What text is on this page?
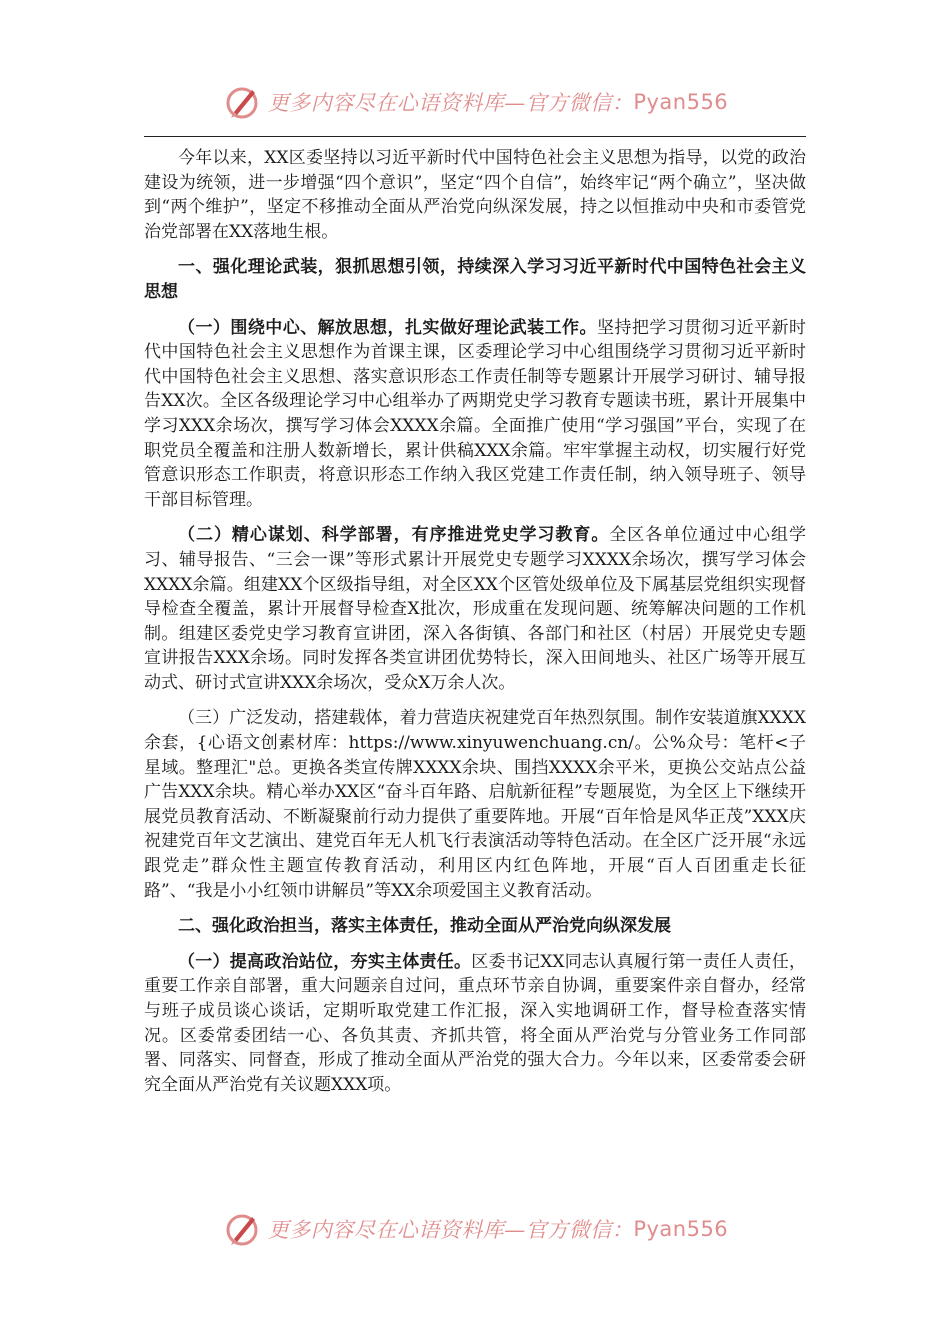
更多内容尽在心语资料库—官方微信： Pyan556

今年以来，XX区委坚持以习近平新时代中国特色社会主义思想为指导，以党的政治建设为统领，进一步增强“四个意识”，坚定“四个自信”，始终牢记“两个确立”，坚决做到“两个维护”，坚定不移推动全面从严治党向纵深发展，持之以恒推动中央和市委管党治党部署在XX落地生根。

一、强化理论武装，狠抓思想引领，持续深入学习习近平新时代中国特色社会主义思想

（一）围绕中心、解放思想，扎实做好理论武装工作。坚持把学习贯彻习近平新时代中国特色社会主义思想作为首课主课，区委理论学习中心组围绕学习贯彻习近平新时代中国特色社会主义思想、落实意识形态工作责任制等专题累计开展学习研讨、辅导报告XX次。全区各级理论学习中心组举办了两期党史学习教育专题读书班，累计开展集中学习XXX余场次，撰写学习体会XXXX余篇。全面推广使用“学习强国”平台，实现了在职党员全覆盖和注册人数新增长，累计供稿XXX余篇。牢牢掌握主动权，切实履行好党管意识形态工作职责，将意识形态工作纳入我区党建工作责任制，纳入领导班子、领导干部目标管理。

（二）精心谋划、科学部署，有序推进党史学习教育。全区各单位通过中心组学习、辅导报告、“三会一课”等形式累计开展党史专题学习XXXX余场次，撰写学习体会XXXX余篇。组建XX个区级指导组，对全区XX个区管处级单位及下属基层党组织实现督导检查全覆盖，累计开展督导检查X批次，形成重在发现问题、统筹解决问题的工作机制。组建区委党史学习教育宣讲团，深入各街镇、各部门和社区（村居）开展党史专题宣讲报告XXX余场。同时发挥各类宣讲团优势特长，深入田间地头、社区广场等开展互动式、研讨式宣讲XXX余场次，受众X万余人次。

（三）广泛发动，搭建载体，着力营造庆祝建党百年热烈氛围。制作安装道旗XXXX余套，{心语文创素材库：https://www.xinyuwenchuang.cn/。公%众号：笔杆<子星域。整理汇"总。更换各类宣传牌XXXX余块、围挡XXXX余平米，更换公交站点公益广告XXX余块。精心举办XX区“奋斗百年路、启航新征程”专题展览，为全区上下继续开展党员教育活动、不断凝聚前行动力提供了重要阵地。开展“百年恰是风华正茂”XXX庆祝建党百年文艺演出、建党百年无人机飞行表演活动等特色活动。在全区广泛开展“永远跟党走”群众性主题宣传教育活动，利用区内红色阵地，开展“百人百团重走长征路”、“我是小小红领巾讲解员”等XX余项爱国主义教育活动。

二、强化政治担当，落实主体责任，推动全面从严治党向纵深发展

（一）提高政治站位，夯实主体责任。区委书记XX同志认真履行第一责任人责任，重要工作亲自部署，重大问题亲自过问，重点环节亲自协调，重要案件亲自督办，经常与班子成员谈心谈话，定期听取党建工作汇报，深入实地调研工作，督导检查落实情况。区委常委团结一心、各负其责、齐抓共管，将全面从严治党与分管业务工作同部署、同落实、同督查，形成了推动全面从严治党的强大合力。今年以来，区委常委会研究全面从严治党有关议题XXX项。

更多内容尽在心语资料库—官方微信： Pyan556
